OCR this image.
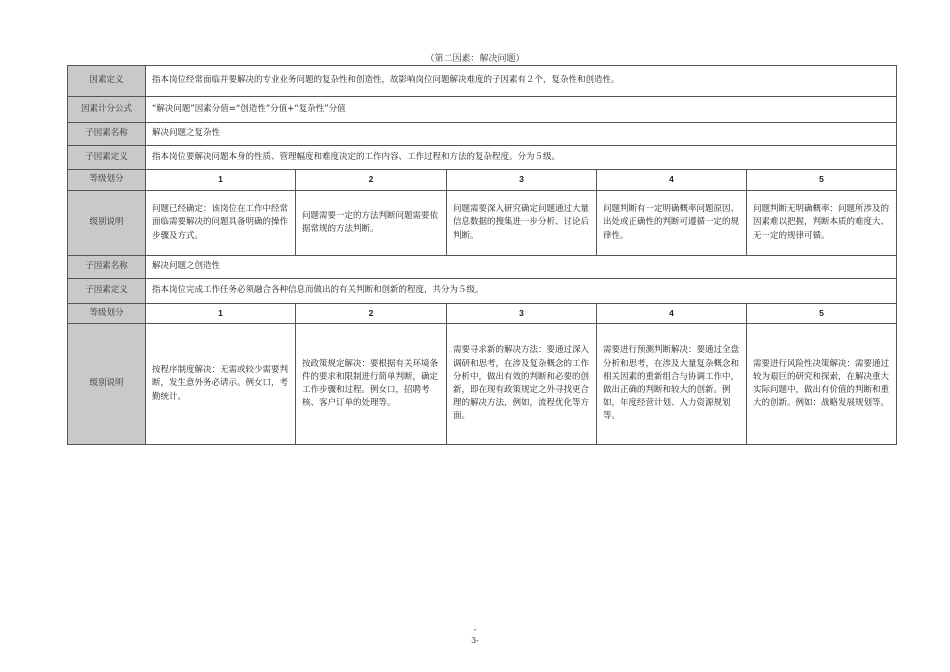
（第二因素：解决问题）
因素定义	指本岗位经常面临并要解决的专业业务问题的复杂性和创造性，故影响岗位问题解决难度的子因素有２个，复杂性和创造性。				
因素计分公式	“解决问题”因素分值=“创造性”分值+“复杂性”分值				
子因素名称	解决问题之复杂性				
子因素定义	指本岗位要解决问题本身的性质、管理幅度和难度决定的工作内容、工作过程和方法的复杂程度。分为５级。				
等级划分	1	2	3	4	5
级别说明	问题已经确定：该岗位在工作中经常面临需要解决的问题具备明确的操作步骤及方式。	问题需要一定的方法判断问题需要依据常规的方法判断。	问题需要深入研究确定问题通过大量信息数据的搜集进一步分析、讨论后判断。	问题判断有一定明确概率问题原因、出处或正确性的判断可遵循一定的规律性。	问题判断无明确概率：问题所涉及的因素难以把握，判断本质的难度大、无一定的规律可循。
子因素名称	解决问题之创造性				
子因素定义	指本岗位完成工作任务必须融合各种信息而做出的有关判断和创新的程度，共分为５级。				
等级划分	1	2	3	4	5
级别说明	按程序制度解决：无需或较少需要判断，发生意外务必请示。例女口，考勤统计。	按政策规定解决：要根据有关环境条件的要求和限制进行简单判断，确定工作步骤和过程。例女口，招聘考核、客户订单的处理等。	需要寻求新的解决方法：要通过深入调研和思考，在涉及复杂概念的工作分析中，做出有效的判断和必要的创新，即在现有政策规定之外寻找更合理的解决方法，例如，流程优化等方面。	需要进行预测判断解决：要通过全盘分析和思考，在涉及大量复杂概念和相关因素的重新组合与协调工作中，做出正确的判断和较大的创新。例如，年度经营计划、人力资源规划等。	需要进行风险性决策解决：需要通过较为艰巨的研究和探索，在解决重大实际问题中，做出有价值的判断和重大的创新。例如：战略发展规划等。
-
3-
